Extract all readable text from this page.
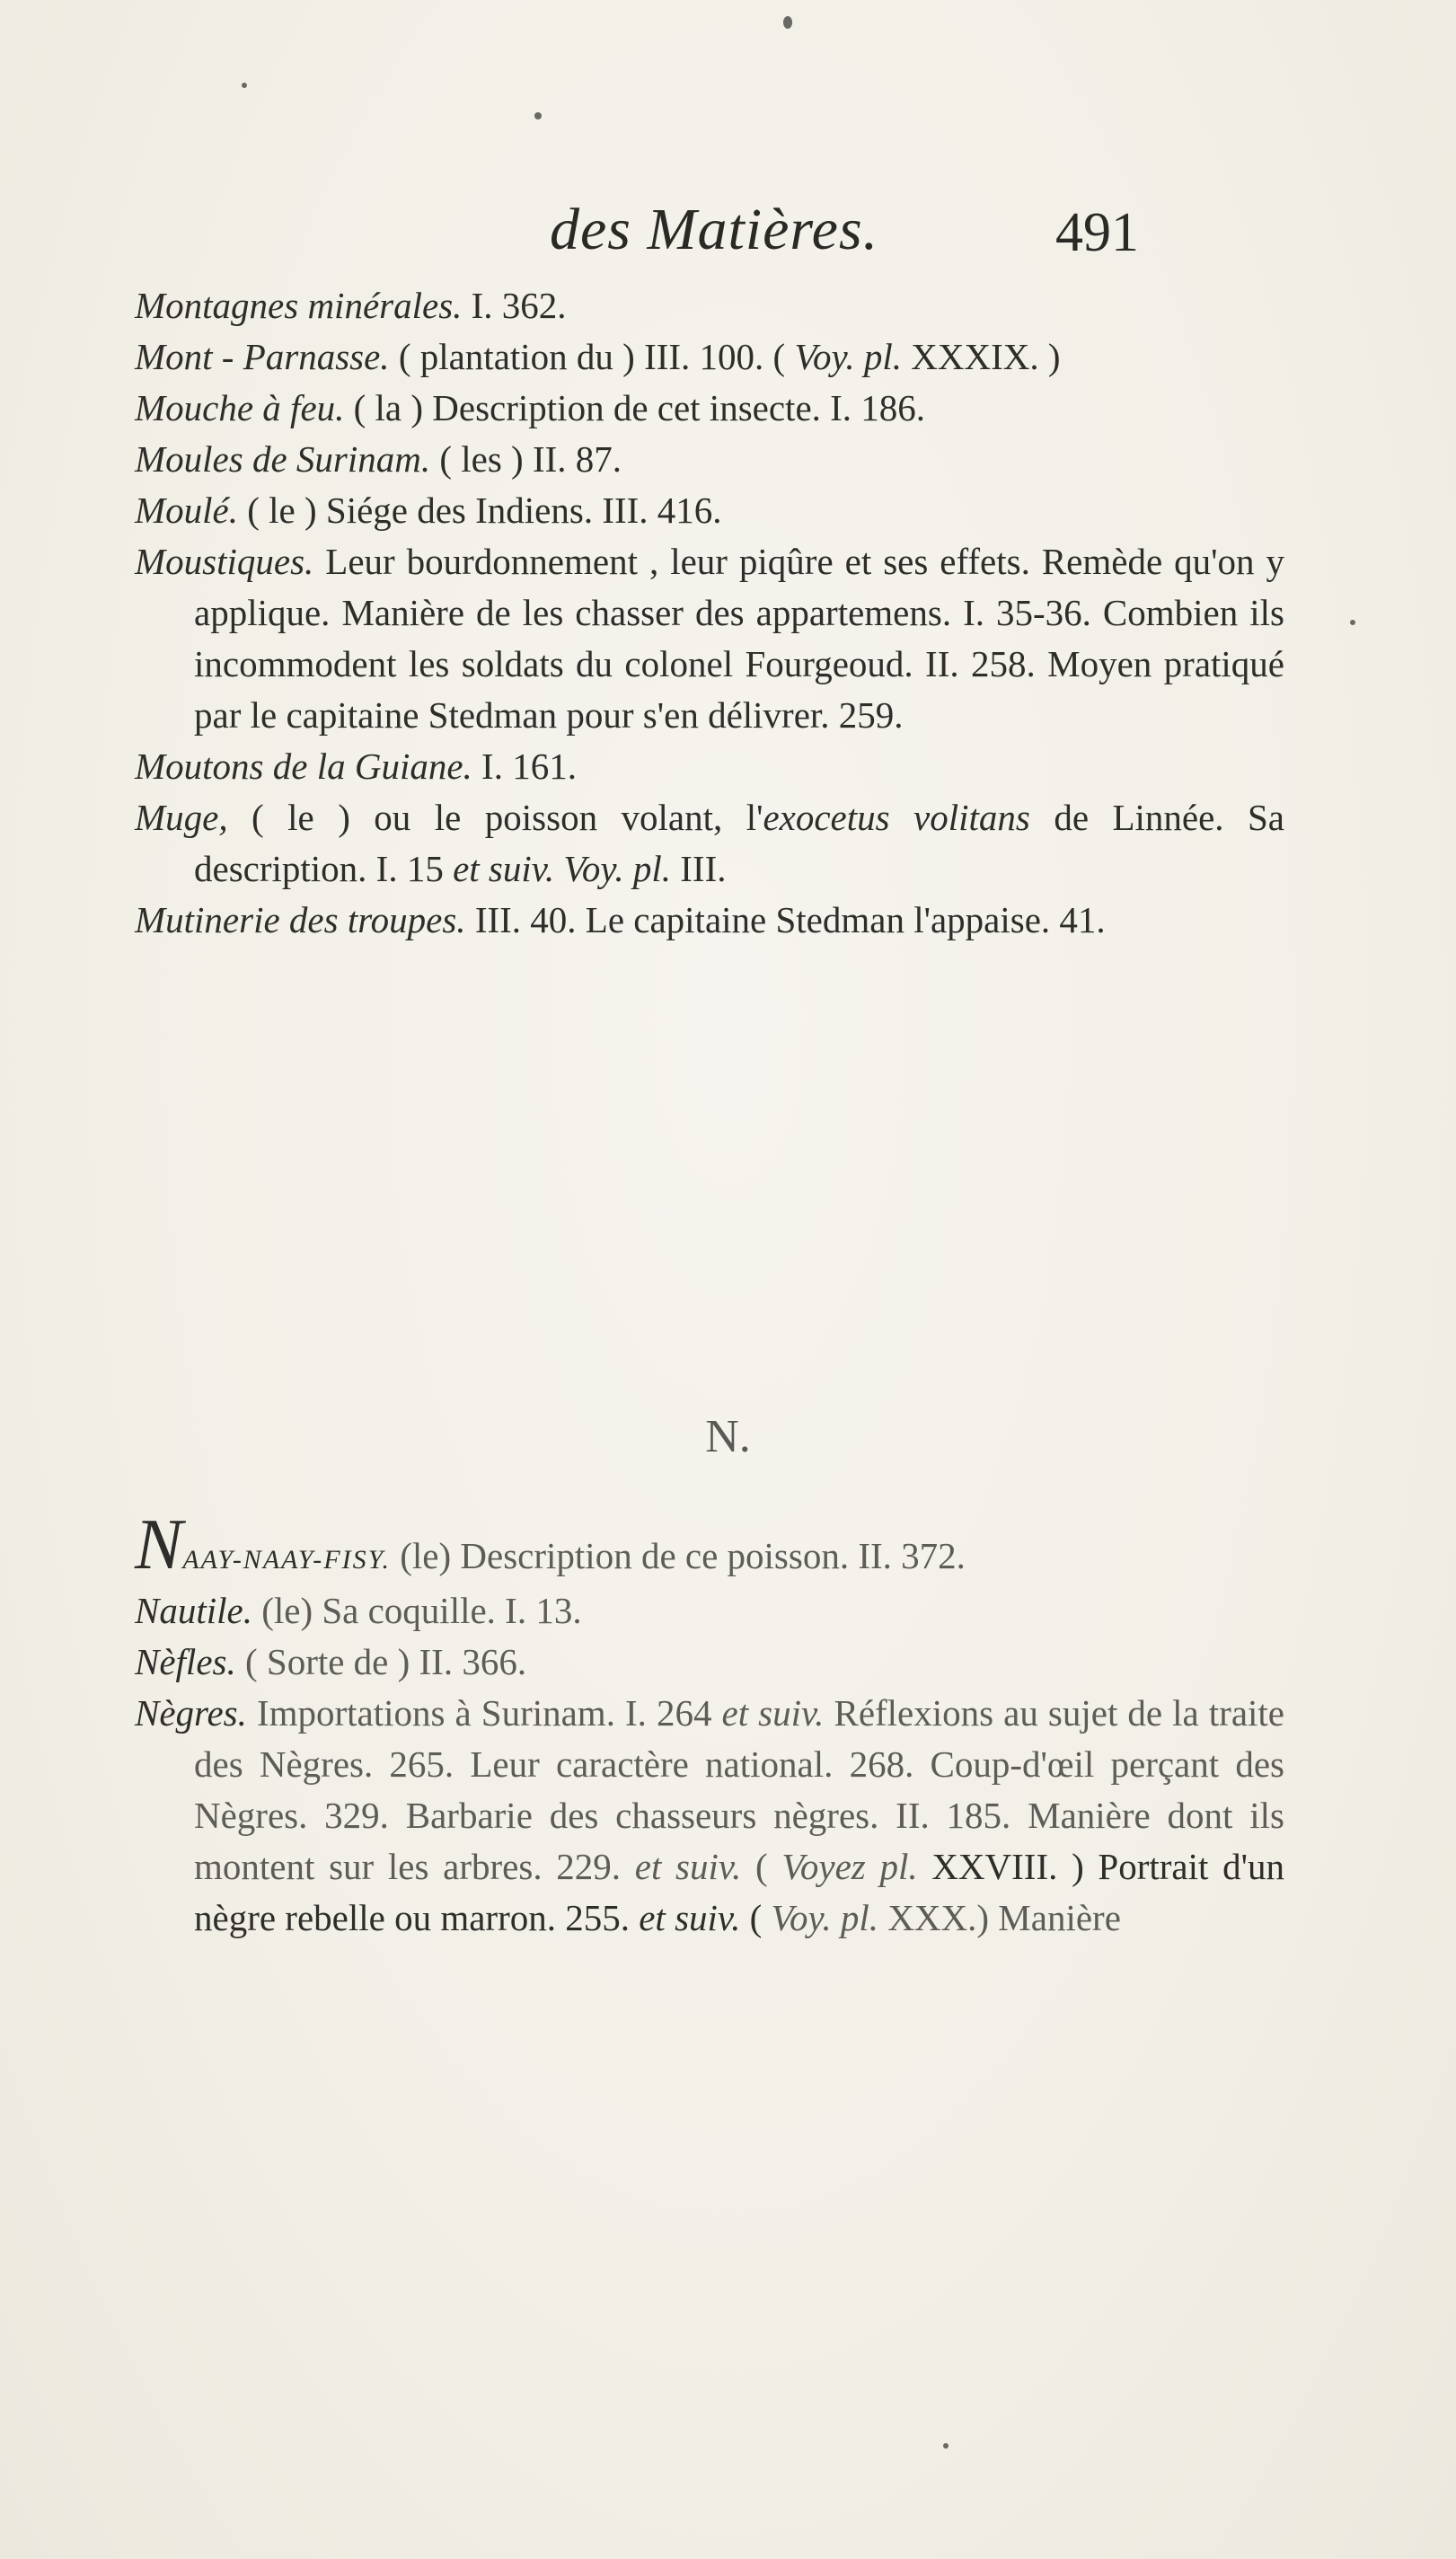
des Matières.	491

Montagnes minérales. I. 362.

Mont - Parnasse. ( plantation du ) III. 100. ( Voy. pl. XXXIX. )

Mouche à feu. ( la ) Description de cet insecte. I. 186.

Moules de Surinam. ( les ) II. 87.

Moulé. ( le ) Siége des Indiens. III. 416.

Moustiques. Leur bourdonnement , leur piqûre et ses effets. Remède qu'on y applique. Manière de les chasser des appartemens. I. 35-36. Combien ils incommodent les soldats du colonel Fourgeoud. II. 258. Moyen pratiqué par le capitaine Stedman pour s'en délivrer. 259.

Moutons de la Guiane. I. 161.

Muge, ( le ) ou le poisson volant, l'exocetus volitans de Linnée. Sa description. I. 15 et suiv. Voy. pl. III.

Mutinerie des troupes. III. 40. Le capitaine Stedman l'appaise. 41.

N.

NAAY-NAAY-FISY. (le) Description de ce poisson. II. 372.

Nautile. (le) Sa coquille. I. 13.

Nèfles. ( Sorte de ) II. 366.

Nègres. Importations à Surinam. I. 264 et suiv. Réflexions au sujet de la traite des Nègres. 265. Leur caractère national. 268. Coup-d'œil perçant des Nègres. 329. Barbarie des chasseurs nègres. II. 185. Manière dont ils montent sur les arbres. 229. et suiv. ( Voyez pl. XXVIII. ) Portrait d'un nègre rebelle ou marron. 255. et suiv. ( Voy. pl. XXX.) Manière
